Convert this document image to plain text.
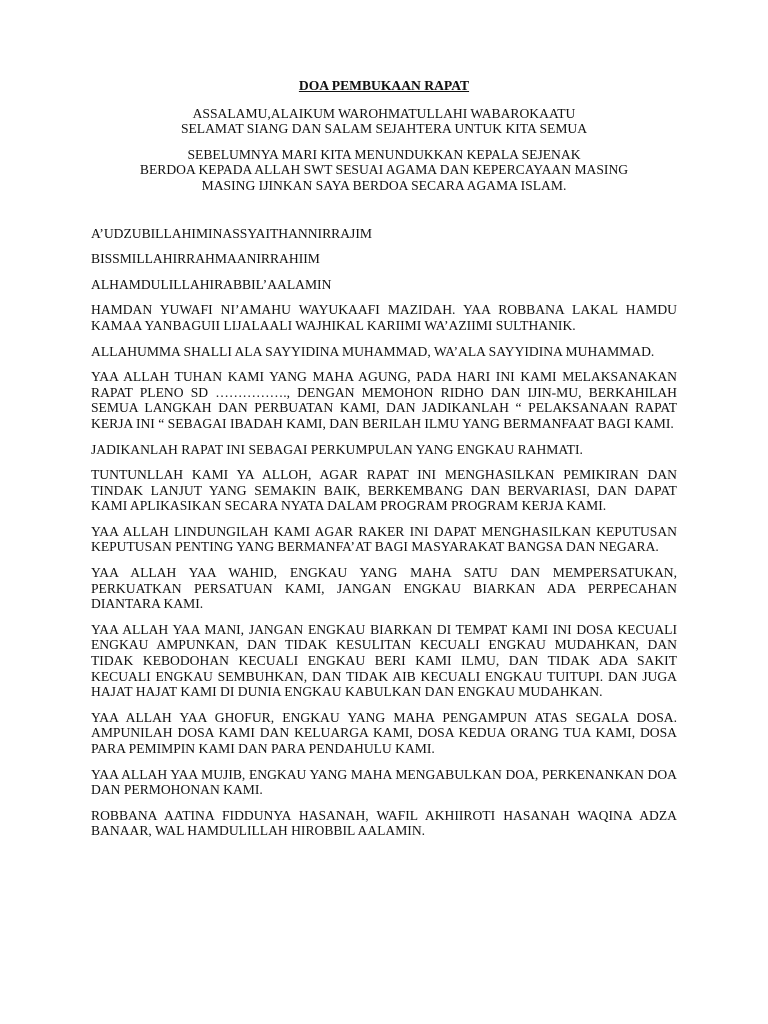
DOA PEMBUKAAN RAPAT
ASSALAMU,ALAIKUM WAROHMATULLAHI WABAROKAATU
SELAMAT SIANG DAN SALAM SEJAHTERA UNTUK KITA SEMUA
SEBELUMNYA MARI KITA MENUNDUKKAN KEPALA SEJENAK
BERDOA KEPADA ALLAH SWT SESUAI AGAMA DAN KEPERCAYAAN MASING
MASING IJINKAN SAYA BERDOA SECARA AGAMA ISLAM.

A’UDZUBILLAHIMINASSYAITHANNIRRAJIM

BISSMILLAHIRRAHMAANIRRAHIIM

ALHAMDULILLAHIRABBIL’AALAMIN

HAMDAN YUWAFI NI’AMAHU WAYUKAAFI MAZIDAH. YAA ROBBANA LAKAL HAMDU KAMAA YANBAGUII LIJALAALI WAJHIKAL KARIIMI WA’AZIIMI SULTHANIK.

ALLAHUMMA SHALLI ALA SAYYIDINA MUHAMMAD, WA’ALA SAYYIDINA MUHAMMAD.

YAA ALLAH TUHAN KAMI YANG MAHA AGUNG, PADA HARI INI KAMI MELAKSANAKAN RAPAT PLENO SD ……………., DENGAN MEMOHON RIDHO DAN IJIN-MU, BERKAHILAH SEMUA LANGKAH DAN PERBUATAN KAMI, DAN JADIKANLAH “ PELAKSANAAN RAPAT KERJA INI “ SEBAGAI IBADAH KAMI, DAN BERILAH ILMU YANG BERMANFAAT BAGI KAMI.

JADIKANLAH RAPAT INI SEBAGAI PERKUMPULAN YANG ENGKAU RAHMATI.

TUNTUNLLAH KAMI YA ALLOH, AGAR RAPAT INI MENGHASILKAN PEMIKIRAN DAN TINDAK LANJUT YANG SEMAKIN BAIK, BERKEMBANG DAN BERVARIASI, DAN DAPAT KAMI APLIKASIKAN SECARA NYATA DALAM PROGRAM PROGRAM KERJA KAMI.

YAA ALLAH LINDUNGILAH KAMI AGAR RAKER INI DAPAT MENGHASILKAN KEPUTUSAN KEPUTUSAN PENTING YANG BERMANFA’AT BAGI MASYARAKAT BANGSA DAN NEGARA.

YAA ALLAH YAA WAHID, ENGKAU YANG MAHA SATU DAN MEMPERSATUKAN, PERKUATKAN PERSATUAN KAMI, JANGAN ENGKAU BIARKAN ADA PERPECAHAN DIANTARA KAMI.

YAA ALLAH YAA MANI, JANGAN ENGKAU BIARKAN DI TEMPAT KAMI INI DOSA KECUALI ENGKAU AMPUNKAN, DAN TIDAK KESULITAN KECUALI ENGKAU MUDAHKAN, DAN TIDAK KEBODOHAN KECUALI ENGKAU BERI KAMI ILMU, DAN TIDAK ADA SAKIT KECUALI ENGKAU SEMBUHKAN, DAN TIDAK AIB KECUALI ENGKAU TUITUPI. DAN JUGA HAJAT HAJAT KAMI DI DUNIA ENGKAU KABULKAN DAN ENGKAU MUDAHKAN.

YAA ALLAH YAA GHOFUR, ENGKAU YANG MAHA PENGAMPUN ATAS SEGALA DOSA. AMPUNILAH DOSA KAMI DAN KELUARGA KAMI, DOSA KEDUA ORANG TUA KAMI, DOSA PARA PEMIMPIN KAMI DAN PARA PENDAHULU KAMI.

YAA ALLAH YAA MUJIB, ENGKAU YANG MAHA MENGABULKAN DOA, PERKENANKAN DOA DAN PERMOHONAN KAMI.

ROBBANA AATINA FIDDUNYA HASANAH, WAFIL AKHIIROTI HASANAH WAQINA ADZA BANAAR, WAL HAMDULILLAH HIROBBIL AALAMIN.
